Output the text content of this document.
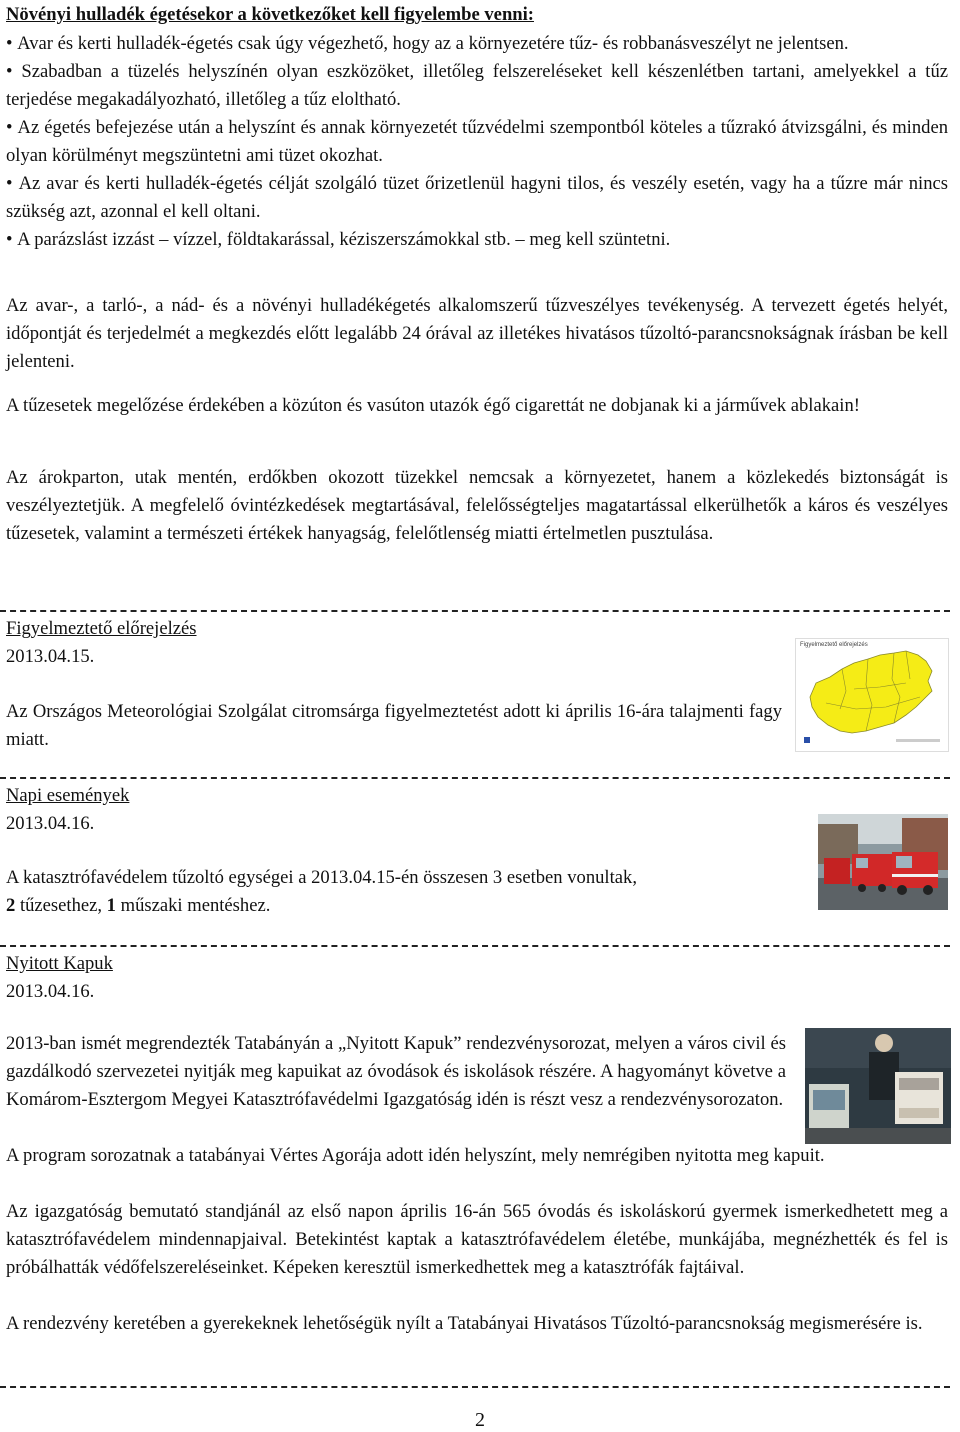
Növényi hulladék égetésekor a következőket kell figyelembe venni:
• Avar és kerti hulladék-égetés csak úgy végezhető, hogy az a környezetére tűz- és robbanásveszélyt ne jelentsen.
• Szabadban a tüzelés helyszínén olyan eszközöket, illetőleg felszereléseket kell készenlétben tartani, amelyekkel a tűz terjedése megakadályozható, illetőleg a tűz eloltható.
• Az égetés befejezése után a helyszínt és annak környezetét tűzvédelmi szempontból köteles a tűzrakó átvizsgálni, és minden olyan körülményt megszüntetni ami tüzet okozhat.
• Az avar és kerti hulladék-égetés célját szolgáló tüzet őrizetlenül hagyni tilos, és veszély esetén, vagy ha a tűzre már nincs szükség azt, azonnal el kell oltani.
• A parázslást izzást – vízzel, földtakarással, kéziszerszámokkal stb. – meg kell szüntetni.

Az avar-, a tarló-, a nád- és a növényi hulladékégetés alkalomszerű tűzveszélyes tevékenység. A tervezett égetés helyét, időpontját és terjedelmét a megkezdés előtt legalább 24 órával az illetékes hivatásos tűzoltó-parancsnokságnak írásban be kell jelenteni.

A tűzesetek megelőzése érdekében a közúton és vasúton utazók égő cigarettát ne dobjanak ki a járművek ablakain!

Az árokparton, utak mentén, erdőkben okozott tüzekkel nemcsak a környezetet, hanem a közlekedés biztonságát is veszélyeztetjük. A megfelelő óvintézkedések megtartásával, felelősségteljes magatartással elkerülhetők a káros és veszélyes tűzesetek, valamint a természeti értékek hanyagság, felelőtlenség miatti értelmetlen pusztulása.

Figyelmeztető előrejelzés
2013.04.15.

Az Országos Meteorológiai Szolgálat citromsárga figyelmeztetést adott ki április 16-ára talajmenti fagy miatt.

Figyelmeztető előrejelzés
Napi események
2013.04.16.

A katasztrófavédelem tűzoltó egységei a 2013.04.15-én összesen 3 esetben vonultak,
2 tűzesethez, 1 műszaki mentéshez.

Nyitott Kapuk
2013.04.16.

2013-ban ismét megrendezték Tatabányán a „Nyitott Kapuk” rendezvénysorozat, melyen a város civil és gazdálkodó szervezetei nyitják meg kapuikat az óvodások és iskolások részére. A hagyományt követve a Komárom-Esztergom Megyei Katasztrófavédelmi Igazgatóság idén is részt vesz a rendezvénysorozaton.

A program sorozatnak a tatabányai Vértes Agorája adott idén helyszínt, mely nemrégiben nyitotta meg kapuit.

Az igazgatóság bemutató standjánál az első napon április 16-án 565 óvodás és iskoláskorú gyermek ismerkedhetett meg a katasztrófavédelem mindennapjaival. Betekintést kaptak a katasztrófavédelem életébe, munkájába, megnézhették és fel is próbálhatták védőfelszereléseinket. Képeken keresztül ismerkedhettek meg a katasztrófák fajtáival.

A rendezvény keretében a gyerekeknek lehetőségük nyílt a Tatabányai Hivatásos Tűzoltó-parancsnokság megismerésére is.

2
